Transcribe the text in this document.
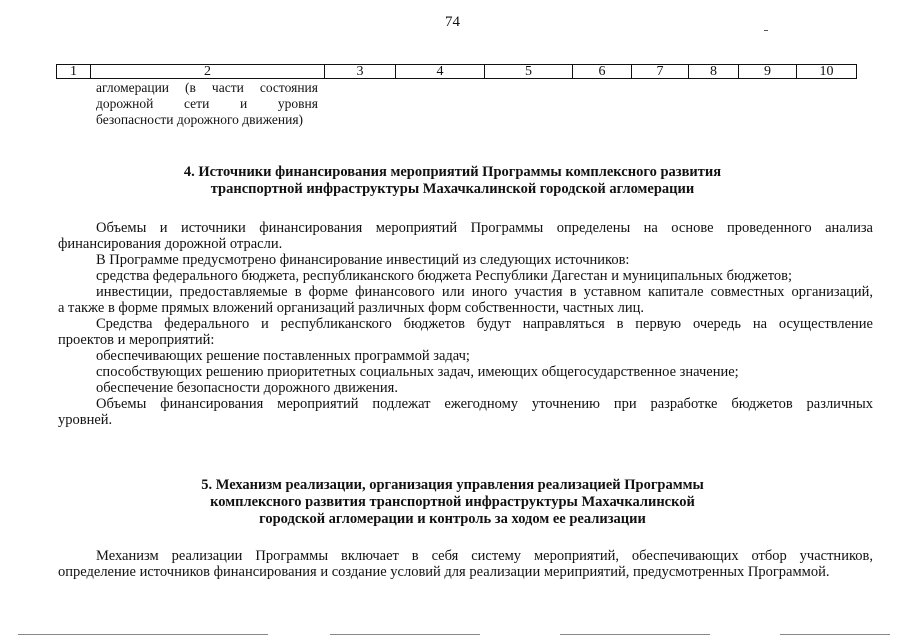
74
1	2	3	4	5	6	7	8	9	10
агломерации (в части состояния
дорожной сети и уровня
безопасности дорожного движения)
4. Источники финансирования мероприятий Программы комплексного развития
транспортной инфраструктуры Махачкалинской городской агломерации
Объемы и источники финансирования мероприятий Программы определены на основе проведенного анализа
финансирования дорожной отрасли.
В Программе предусмотрено финансирование инвестиций из следующих источников:
средства федерального бюджета, республиканского бюджета Республики Дагестан и муниципальных бюджетов;
инвестиции, предоставляемые в форме финансового или иного участия в уставном капитале совместных организаций,
а также в форме прямых вложений организаций различных форм собственности, частных лиц.
Средства федерального и республиканского бюджетов будут направляться в первую очередь на осуществление
проектов и мероприятий:
обеспечивающих решение поставленных программой задач;
способствующих решению приоритетных социальных задач, имеющих общегосударственное значение;
обеспечение безопасности дорожного движения.
Объемы финансирования мероприятий подлежат ежегодному уточнению при разработке бюджетов различных
уровней.
5. Механизм реализации, организация управления реализацией Программы
комплексного развития транспортной инфраструктуры Махачкалинской
городской агломерации и контроль за ходом ее реализации
Механизм реализации Программы включает в себя систему мероприятий, обеспечивающих отбор участников,
определение источников финансирования и создание условий для реализации мериприятий, предусмотренных Программой.
